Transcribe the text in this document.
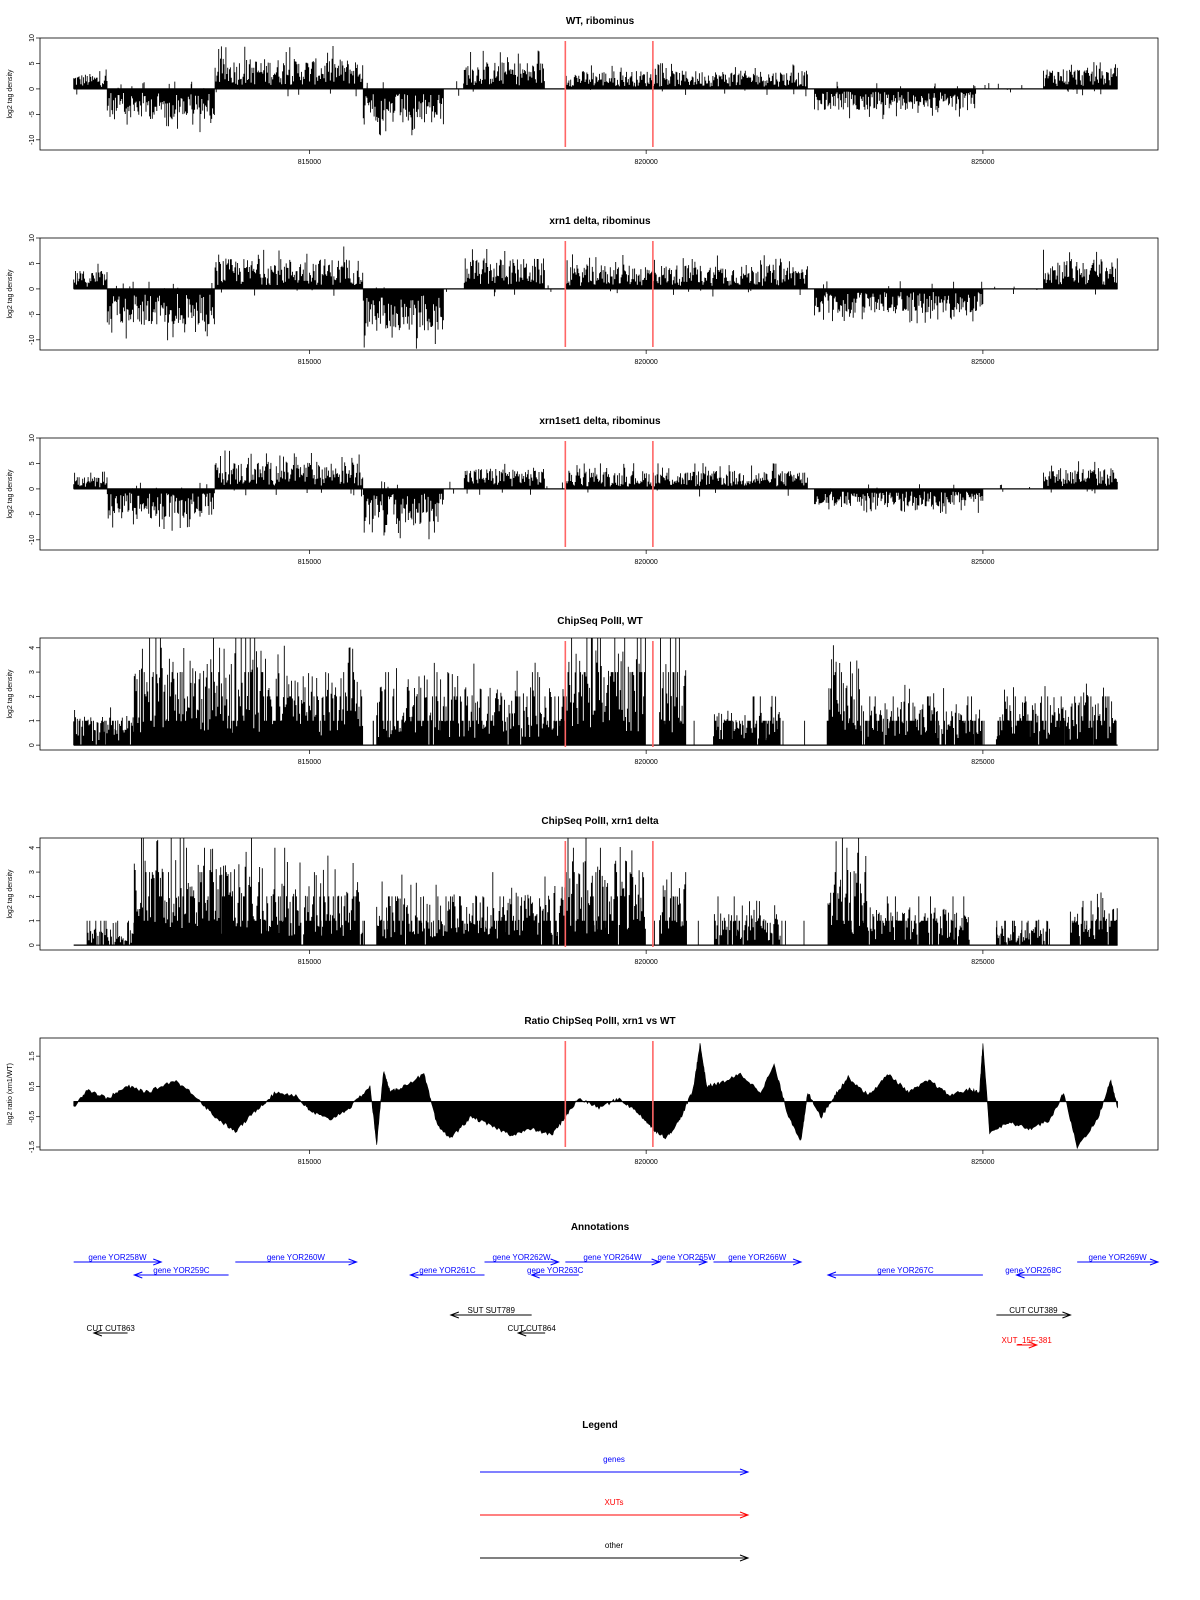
WT, ribominus
-10
-5
0
5
10
log2 tag density
815000	820000	825000
xrn1 delta, ribominus
-10
-5
0
5
10
log2 tag density
815000	820000	825000
xrn1set1 delta, ribominus
-10
-5
0
5
10
log2 tag density
815000	820000	825000
ChipSeq PolII, WT
0
1
2
3
4
log2 tag density
815000	820000	825000
ChipSeq PolII, xrn1 delta
0
1
2
3
4
log2 tag density
815000	820000	825000
Ratio ChipSeq PolII, xrn1 vs WT
-1.5
-0.5
0.5
1.5
log2 ratio (xrn1/WT)
815000	820000	825000
Annotations
gene YOR258W
gene YOR259C
gene YOR260W
gene YOR261C
gene YOR262W
gene YOR263C
gene YOR264W gene YOR265W gene YOR266W
gene YOR267C	gene YOR268C
gene YOR269W
SUT SUT789
CUT CUT863	CUT CUT864
CUT CUT389
XUT_15F-381
Legend
genes
XUTs
other
